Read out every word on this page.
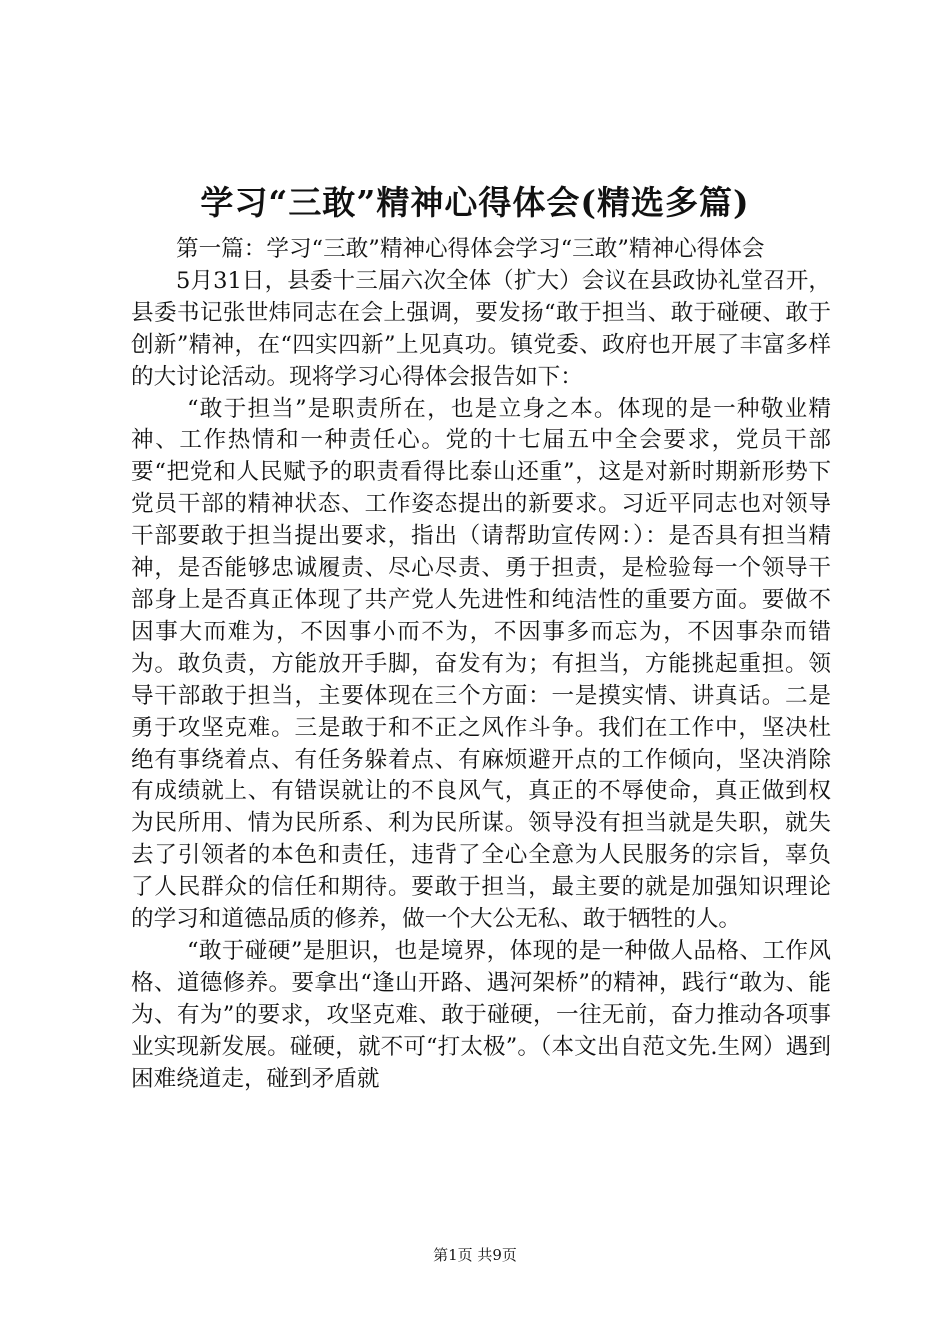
学习“三敢”精神心得体会(精选多篇)

第一篇：学习“三敢”精神心得体会学习“三敢”精神心得体会

5月31日，县委十三届六次全体（扩大）会议在县政协礼堂召开，县委书记张世炜同志在会上强调，要发扬“敢于担当、敢于碰硬、敢于创新”精神，在“四实四新”上见真功。镇党委、政府也开展了丰富多样的大讨论活动。现将学习心得体会报告如下：

“敢于担当”是职责所在，也是立身之本。体现的是一种敬业精神、工作热情和一种责任心。党的十七届五中全会要求，党员干部要“把党和人民赋予的职责看得比泰山还重”，这是对新时期新形势下党员干部的精神状态、工作姿态提出的新要求。习近平同志也对领导干部要敢于担当提出要求，指出（请帮助宣传网：）：是否具有担当精神，是否能够忠诚履责、尽心尽责、勇于担责，是检验每一个领导干部身上是否真正体现了共产党人先进性和纯洁性的重要方面。要做不因事大而难为，不因事小而不为，不因事多而忘为，不因事杂而错为。敢负责，方能放开手脚，奋发有为；有担当，方能挑起重担。领导干部敢于担当，主要体现在三个方面：一是摸实情、讲真话。二是勇于攻坚克难。三是敢于和不正之风作斗争。我们在工作中，坚决杜绝有事绕着点、有任务躲着点、有麻烦避开点的工作倾向，坚决消除有成绩就上、有错误就让的不良风气，真正的不辱使命，真正做到权为民所用、情为民所系、利为民所谋。领导没有担当就是失职，就失去了引领者的本色和责任，违背了全心全意为人民服务的宗旨，辜负了人民群众的信任和期待。要敢于担当，最主要的就是加强知识理论的学习和道德品质的修养，做一个大公无私、敢于牺牲的人。

“敢于碰硬”是胆识，也是境界，体现的是一种做人品格、工作风格、道德修养。要拿出“逢山开路、遇河架桥”的精神，践行“敢为、能为、有为”的要求，攻坚克难、敢于碰硬，一往无前，奋力推动各项事业实现新发展。碰硬，就不可“打太极”。（本文出自范文先.生网）遇到困难绕道走，碰到矛盾就

第1页 共9页
